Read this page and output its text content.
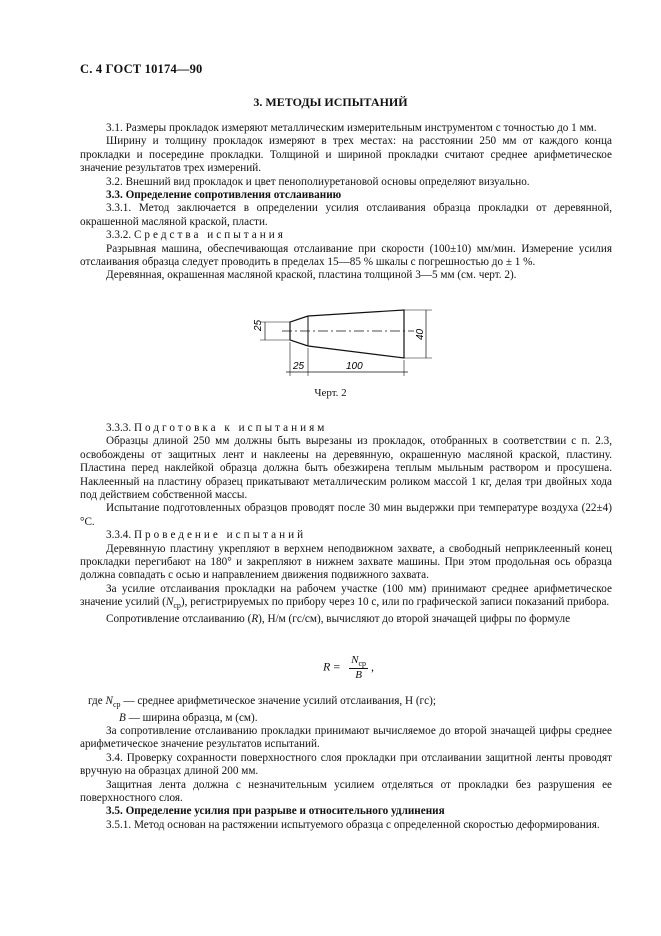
С. 4 ГОСТ 10174—90
3. МЕТОДЫ ИСПЫТАНИЙ

3.1. Размеры прокладок измеряют металлическим измерительным инструментом с точностью до 1 мм.

Ширину и толщину прокладок измеряют в трех местах: на расстоянии 250 мм от каждого конца прокладки и посередине прокладки. Толщиной и шириной прокладки считают среднее арифметическое значение результатов трех измерений.

3.2. Внешний вид прокладок и цвет пенополиуретановой основы определяют визуально.

3.3. Определение сопротивления отслаиванию

3.3.1. Метод заключается в определении усилия отслаивания образца прокладки от деревянной, окрашенной масляной краской, пласти.

3.3.2. Средства испытания

Разрывная машина, обеспечивающая отслаивание при скорости (100±10) мм/мин. Измерение усилия отслаивания образца следует проводить в пределах 15—85 % шкалы с погрешностью до ± 1 %.

Деревянная, окрашенная масляной краской, пластина толщиной 3—5 мм (см. черт. 2).

25
40
25	100
Черт. 2

3.3.3. Подготовка к испытаниям

Образцы длиной 250 мм должны быть вырезаны из прокладок, отобранных в соответствии с п. 2.3, освобождены от защитных лент и наклеены на деревянную, окрашенную масляной краской, пластину. Пластина перед наклейкой образца должна быть обезжирена теплым мыльным раствором и просушена. Наклеенный на пластину образец прикатывают металлическим роликом массой 1 кг, делая три двойных хода под действием собственной массы.

Испытание подготовленных образцов проводят после 30 мин выдержки при температуре воздуха (22±4)°С.

3.3.4. Проведение испытаний

Деревянную пластину укрепляют в верхнем неподвижном захвате, а свободный неприклеенный конец прокладки перегибают на 180° и закрепляют в нижнем захвате машины. При этом продольная ось образца должна совпадать с осью и направлением движения подвижного захвата.

За усилие отслаивания прокладки на рабочем участке (100 мм) принимают среднее арифметическое значение усилий $(N_{ср})$, регистрируемых по прибору через 10 с, или по графической записи показаний прибора.

Сопротивление отслаиванию (R), Н/м (гс/см), вычисляют до второй значащей цифры по формуле

$R = \frac{N_{ср}}{B}$ ,

где $N_{ср}$ — среднее арифметическое значение усилий отслаивания, Н (гс);

B — ширина образца, м (см).

За сопротивление отслаиванию прокладки принимают вычисляемое до второй значащей цифры среднее арифметическое значение результатов испытаний.

3.4. Проверку сохранности поверхностного слоя прокладки при отслаивании защитной ленты проводят вручную на образцах длиной 200 мм.

Защитная лента должна с незначительным усилием отделяться от прокладки без разрушения ее поверхностного слоя.

3.5. Определение усилия при разрыве и относительного удлинения

3.5.1. Метод основан на растяжении испытуемого образца с определенной скоростью деформирования.
